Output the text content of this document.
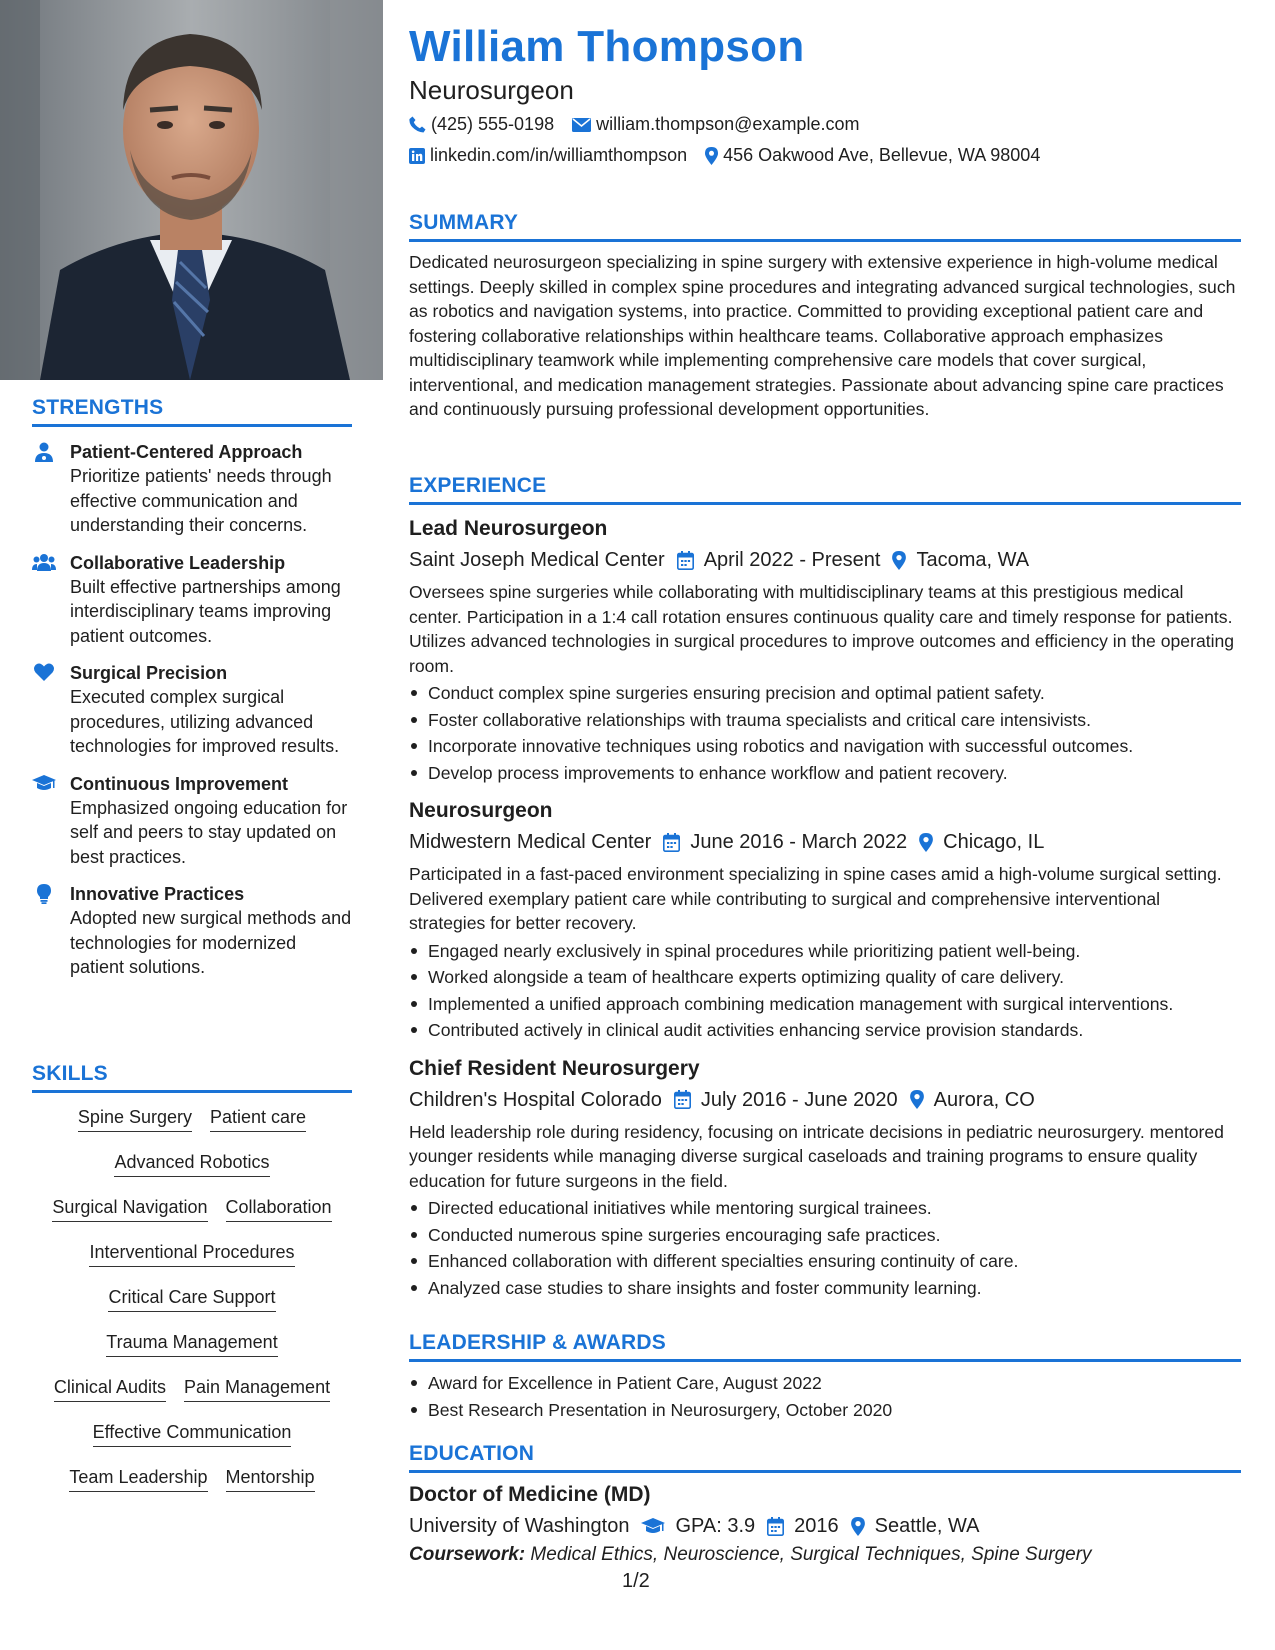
STRENGTHS
Patient-Centered Approach
Prioritize patients' needs through effective communication and understanding their concerns.
Collaborative Leadership
Built effective partnerships among interdisciplinary teams improving patient outcomes.
Surgical Precision
Executed complex surgical procedures, utilizing advanced technologies for improved results.
Continuous Improvement
Emphasized ongoing education for self and peers to stay updated on best practices.
Innovative Practices
Adopted new surgical methods and technologies for modernized patient solutions.
SKILLS
Spine Surgery Patient care
Advanced Robotics
Surgical Navigation Collaboration
Interventional Procedures
Critical Care Support
Trauma Management
Clinical Audits Pain Management
Effective Communication
Team Leadership Mentorship
William Thompson
Neurosurgeon
(425) 555-0198 william.thompson@example.com
linkedin.com/in/williamthompson 456 Oakwood Ave, Bellevue, WA 98004
SUMMARY
Dedicated neurosurgeon specializing in spine surgery with extensive experience in high-volume medical settings. Deeply skilled in complex spine procedures and integrating advanced surgical technologies, such as robotics and navigation systems, into practice. Committed to providing exceptional patient care and fostering collaborative relationships within healthcare teams. Collaborative approach emphasizes multidisciplinary teamwork while implementing comprehensive care models that cover surgical, interventional, and medication management strategies. Passionate about advancing spine care practices and continuously pursuing professional development opportunities.
EXPERIENCE
Lead Neurosurgeon
Saint Joseph Medical Center April 2022 - Present Tacoma, WA
Oversees spine surgeries while collaborating with multidisciplinary teams at this prestigious medical center. Participation in a 1:4 call rotation ensures continuous quality care and timely response for patients. Utilizes advanced technologies in surgical procedures to improve outcomes and efficiency in the operating room.
Conduct complex spine surgeries ensuring precision and optimal patient safety.
Foster collaborative relationships with trauma specialists and critical care intensivists.
Incorporate innovative techniques using robotics and navigation with successful outcomes.
Develop process improvements to enhance workflow and patient recovery.
Neurosurgeon
Midwestern Medical Center June 2016 - March 2022 Chicago, IL
Participated in a fast-paced environment specializing in spine cases amid a high-volume surgical setting. Delivered exemplary patient care while contributing to surgical and comprehensive interventional strategies for better recovery.
Engaged nearly exclusively in spinal procedures while prioritizing patient well-being.
Worked alongside a team of healthcare experts optimizing quality of care delivery.
Implemented a unified approach combining medication management with surgical interventions.
Contributed actively in clinical audit activities enhancing service provision standards.
Chief Resident Neurosurgery
Children's Hospital Colorado July 2016 - June 2020 Aurora, CO
Held leadership role during residency, focusing on intricate decisions in pediatric neurosurgery. mentored younger residents while managing diverse surgical caseloads and training programs to ensure quality education for future surgeons in the field.
Directed educational initiatives while mentoring surgical trainees.
Conducted numerous spine surgeries encouraging safe practices.
Enhanced collaboration with different specialties ensuring continuity of care.
Analyzed case studies to share insights and foster community learning.
LEADERSHIP & AWARDS
Award for Excellence in Patient Care, August 2022
Best Research Presentation in Neurosurgery, October 2020
EDUCATION
Doctor of Medicine (MD)
University of Washington GPA: 3.9 2016 Seattle, WA
Coursework: Medical Ethics, Neuroscience, Surgical Techniques, Spine Surgery
1/2
